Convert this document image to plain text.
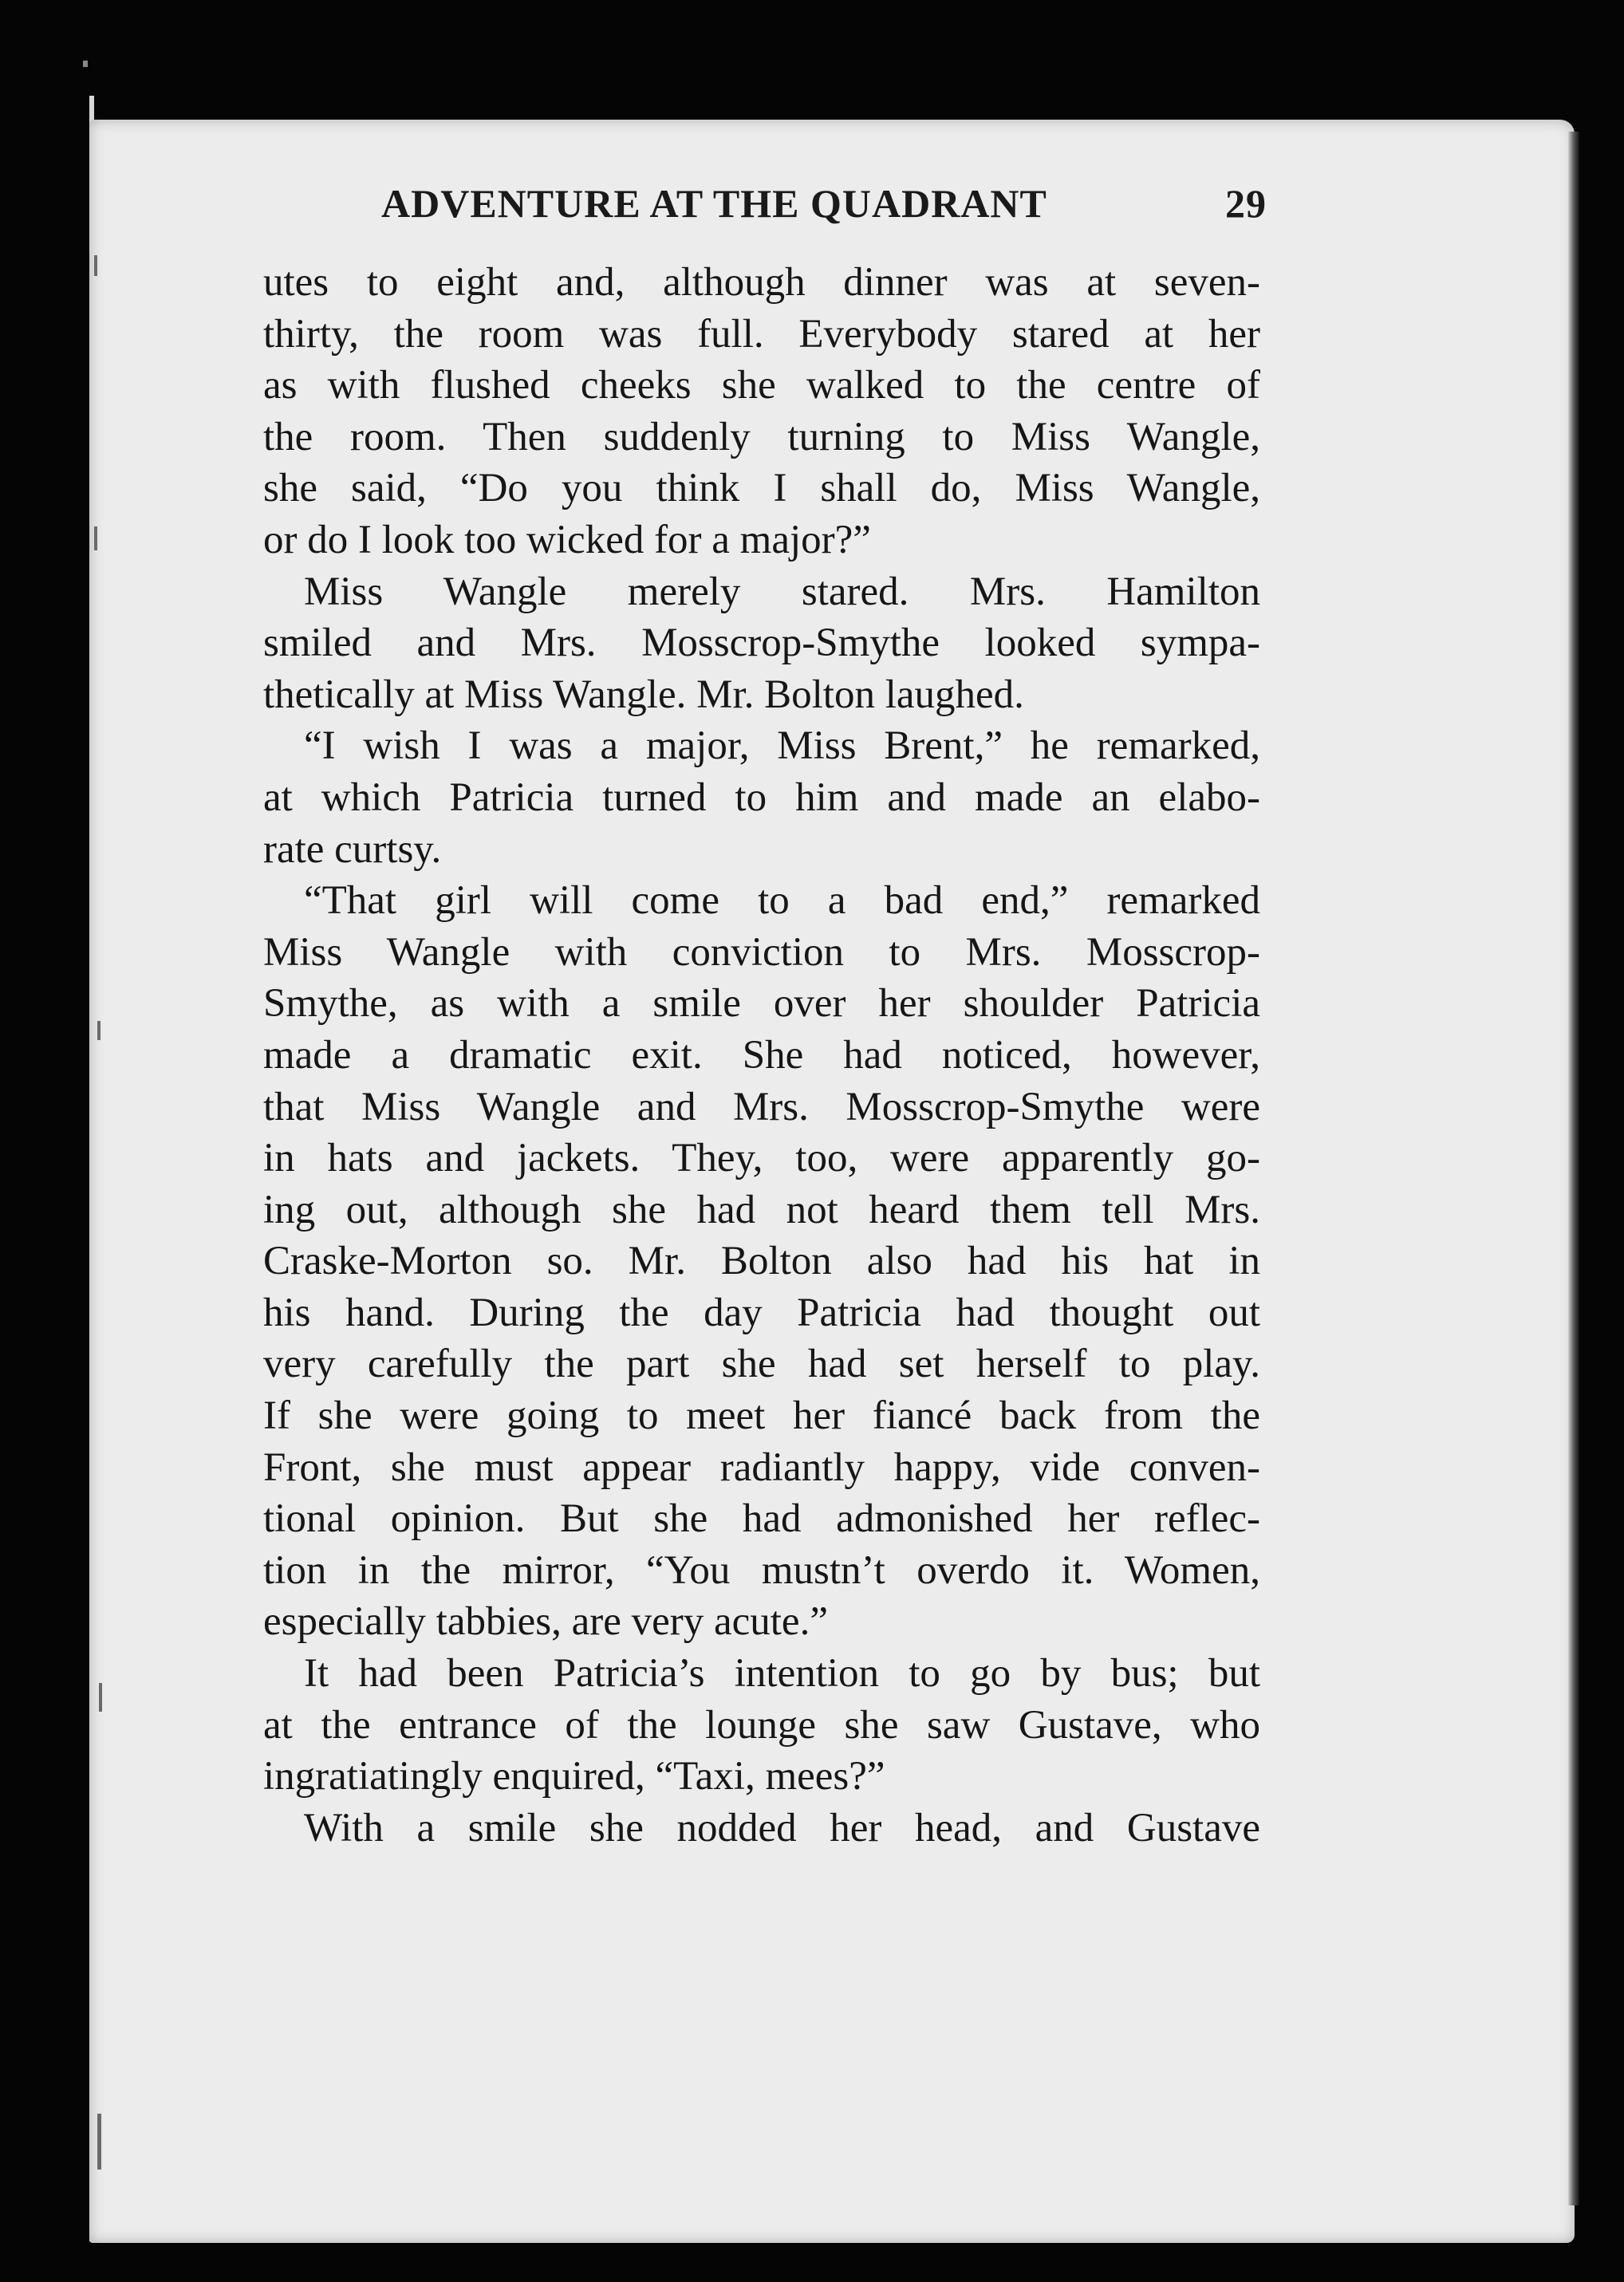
ADVENTURE AT THE QUADRANT	29
utes to eight and, although dinner was at seven-
thirty, the room was full. Everybody stared at her
as with flushed cheeks she walked to the centre of
the room. Then suddenly turning to Miss Wangle,
she said, “Do you think I shall do, Miss Wangle,
or do I look too wicked for a major?”
 Miss Wangle merely stared. Mrs. Hamilton
smiled and Mrs. Mosscrop-Smythe looked sympa-
thetically at Miss Wangle. Mr. Bolton laughed.
 “I wish I was a major, Miss Brent,” he remarked,
at which Patricia turned to him and made an elabo-
rate curtsy.
 “That girl will come to a bad end,” remarked
Miss Wangle with conviction to Mrs. Mosscrop-
Smythe, as with a smile over her shoulder Patricia
made a dramatic exit. She had noticed, however,
that Miss Wangle and Mrs. Mosscrop-Smythe were
in hats and jackets. They, too, were apparently go-
ing out, although she had not heard them tell Mrs.
Craske-Morton so. Mr. Bolton also had his hat in
his hand. During the day Patricia had thought out
very carefully the part she had set herself to play.
If she were going to meet her fiancé back from the
Front, she must appear radiantly happy, vide conven-
tional opinion. But she had admonished her reflec-
tion in the mirror, “You mustn’t overdo it. Women,
especially tabbies, are very acute.”
 It had been Patricia’s intention to go by bus; but
at the entrance of the lounge she saw Gustave, who
ingratiatingly enquired, “Taxi, mees?”
 With a smile she nodded her head, and Gustave
